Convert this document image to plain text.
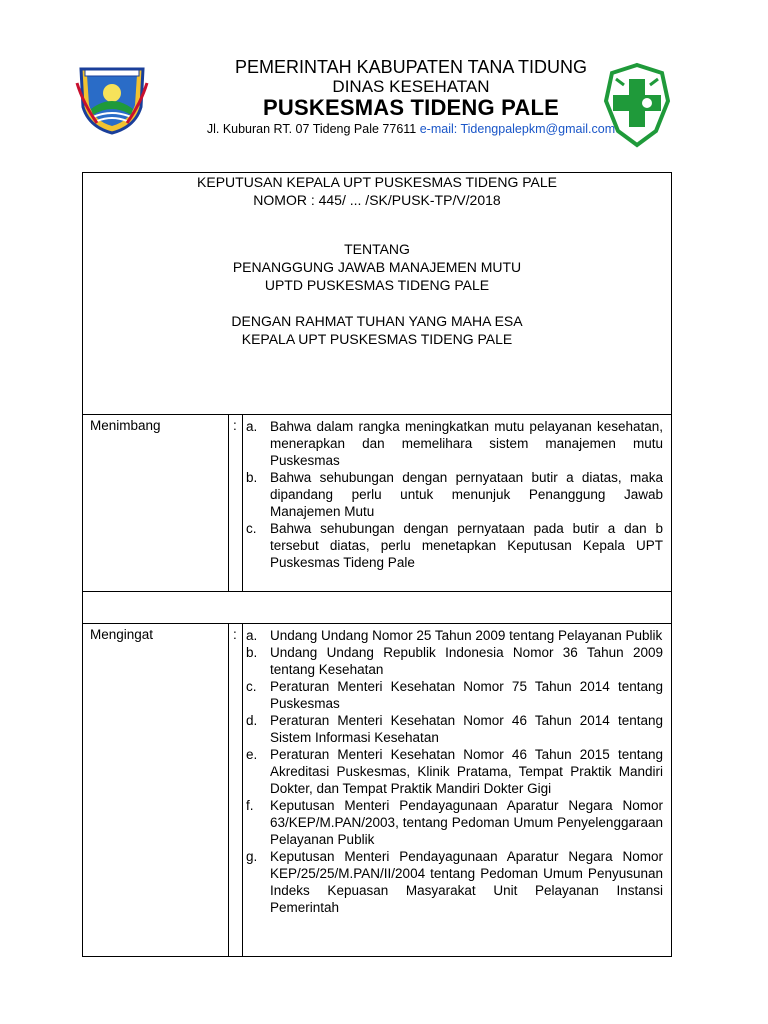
PEMERINTAH KABUPATEN TANA TIDUNG
DINAS KESEHATAN
PUSKESMAS TIDENG PALE
Jl. Kuburan RT. 07 Tideng Pale 77611 e-mail: Tidengpalepkm@gmail.com
KEPUTUSAN KEPALA UPT PUSKESMAS TIDENG PALE
NOMOR : 445/ ... /SK/PUSK-TP/V/2018
TENTANG
PENANGGUNG JAWAB MANAJEMEN MUTU
UPTD PUSKESMAS TIDENG PALE
DENGAN RAHMAT TUHAN YANG MAHA ESA
KEPALA UPT PUSKESMAS TIDENG PALE
Menimbang	: a. Bahwa dalam rangka meningkatkan mutu pelayanan kesehatan, menerapkan dan memelihara sistem manajemen mutu Puskesmas
b. Bahwa sehubungan dengan pernyataan butir a diatas, maka dipandang perlu untuk menunjuk Penanggung Jawab Manajemen Mutu
c. Bahwa sehubungan dengan pernyataan pada butir a dan b tersebut diatas, perlu menetapkan Keputusan Kepala UPT Puskesmas Tideng Pale
Mengingat	: a. Undang Undang Nomor 25 Tahun 2009 tentang Pelayanan Publik
b. Undang Undang Republik Indonesia Nomor 36 Tahun 2009 tentang Kesehatan
c. Peraturan Menteri Kesehatan Nomor 75 Tahun 2014 tentang Puskesmas
d. Peraturan Menteri Kesehatan Nomor 46 Tahun 2014 tentang Sistem Informasi Kesehatan
e. Peraturan Menteri Kesehatan Nomor 46 Tahun 2015 tentang Akreditasi Puskesmas, Klinik Pratama, Tempat Praktik Mandiri Dokter, dan Tempat Praktik Mandiri Dokter Gigi
f.	Keputusan Menteri Pendayagunaan Aparatur Negara Nomor 63/KEP/M.PAN/2003, tentang Pedoman Umum Penyelenggaraan Pelayanan Publik
g. Keputusan Menteri Pendayagunaan Aparatur Negara Nomor KEP/25/25/M.PAN/II/2004 tentang Pedoman Umum Penyusunan Indeks Kepuasan Masyarakat Unit Pelayanan Instansi Pemerintah
